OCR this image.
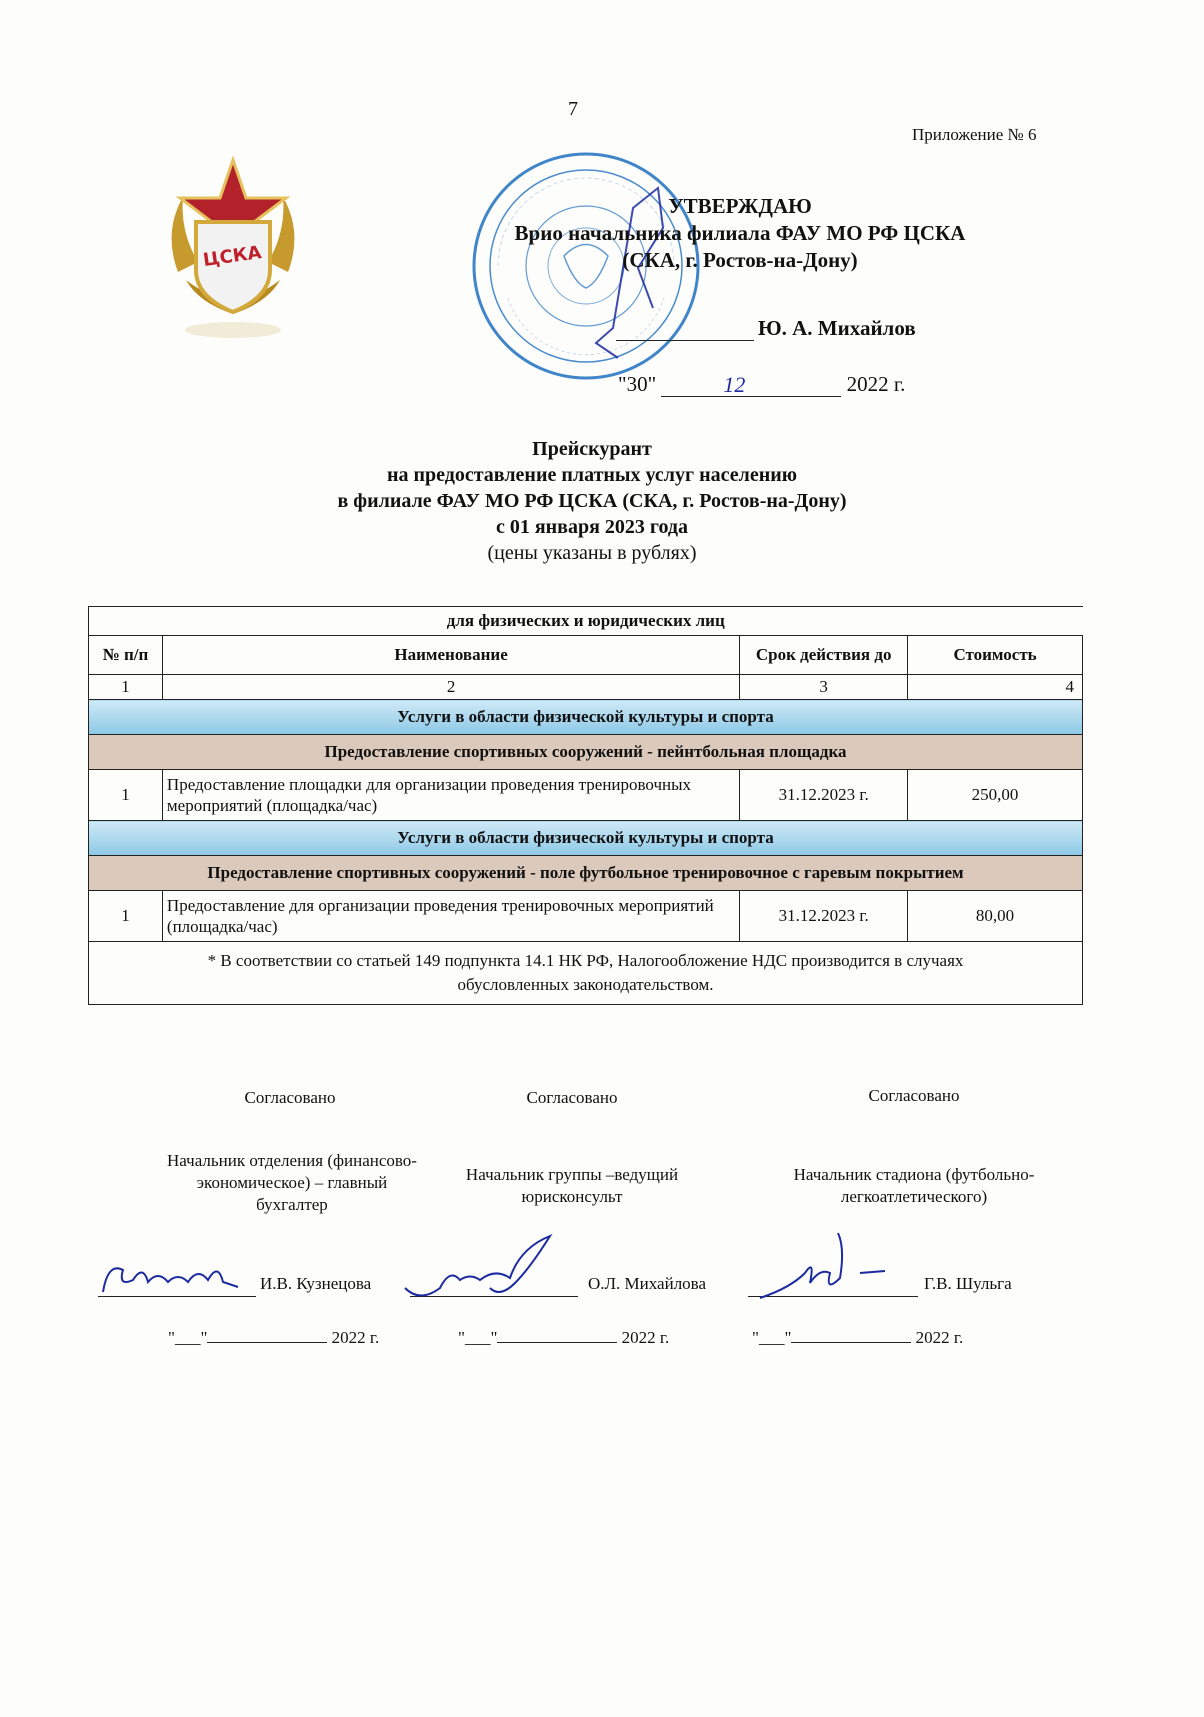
7
Приложение № 6
ЦСКА
УТВЕРЖДАЮ
Врио начальника филиала ФАУ МО РФ ЦСКА
(СКА, г. Ростов-на-Дону)
Ю. А. Михайлов
"30"	12	2022 г.
Прейскурант
на предоставление платных услуг населению
в филиале ФАУ МО РФ ЦСКА (СКА, г. Ростов-на-Дону)
с 01 января 2023 года
(цены указаны в рублях)
для физических и юридических лиц			
№ п/п	Наименование	Срок действия до	Стоимость
1	2	3	4
Услуги в области физической культуры и спорта			
Предоставление спортивных сооружений - пейнтбольная площадка			
1	Предоставление площадки для организации проведения тренировочных мероприятий (площадка/час)	31.12.2023 г.	250,00
Услуги в области физической культуры и спорта			
Предоставление спортивных сооружений - поле футбольное тренировочное с гаревым покрытием			
1	Предоставление для организации проведения тренировочных мероприятий (площадка/час)	31.12.2023 г.	80,00

* В соответствии со статьей 149 подпункта 14.1 НК РФ, Налогообложение НДС производится в случаях
обусловленных законодательством.			
Согласовано
Начальник отделения (финансово-
экономическое) – главный
бухгалтер
И.В. Кузнецова
"___"	2022 г.
Согласовано
Начальник группы –ведущий
юрисконсульт
О.Л. Михайлова
"___"	2022 г.
Согласовано
Начальник стадиона (футбольно-
легкоатлетического)
Г.В. Шульга
"___"	2022 г.
